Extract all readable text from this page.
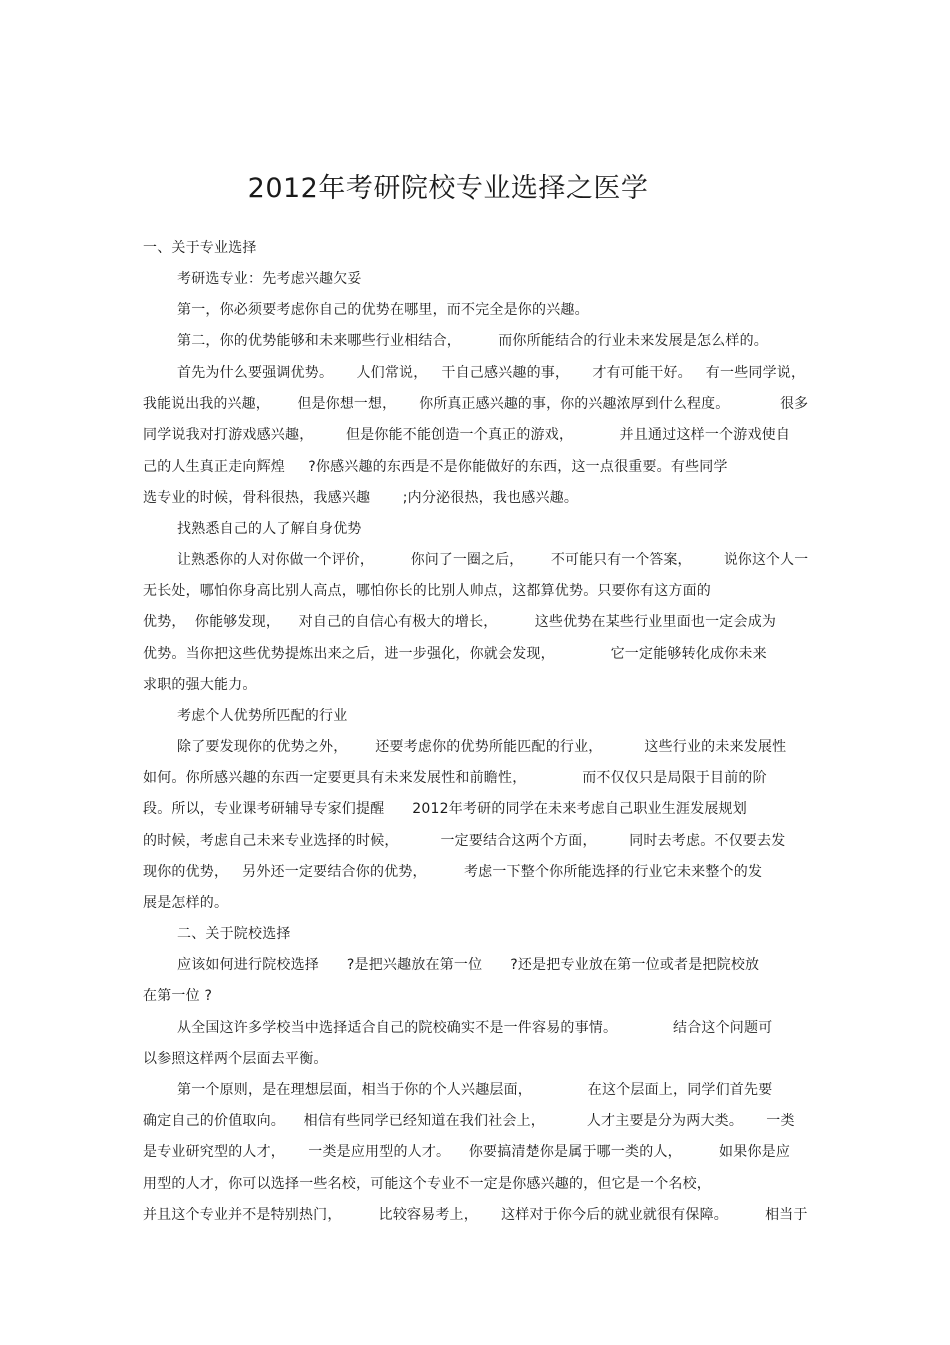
2012年考研院校专业选择之医学
一、关于专业选择
考研选专业：先考虑兴趣欠妥
第一，你必须要考虑你自己的优势在哪里，而不完全是你的兴趣。
第二，你的优势能够和未来哪些行业相结合，        而你所能结合的行业未来发展是怎么样的。
首先为什么要强调优势。     人们常说，   干自己感兴趣的事，     才有可能干好。   有一些同学说，
我能说出我的兴趣，      但是你想一想，     你所真正感兴趣的事，你的兴趣浓厚到什么程度。           很多
同学说我对打游戏感兴趣，       但是你能不能创造一个真正的游戏，          并且通过这样一个游戏使自
己的人生真正走向辉煌     ?你感兴趣的东西是不是你能做好的东西，这一点很重要。有些同学
选专业的时候，骨科很热，我感兴趣       ;内分泌很热，我也感兴趣。
找熟悉自己的人了解自身优势
让熟悉你的人对你做一个评价，        你问了一圈之后，      不可能只有一个答案，       说你这个人一
无长处，哪怕你身高比别人高点，哪怕你长的比别人帅点，这都算优势。只要你有这方面的
优势，  你能够发现，    对自己的自信心有极大的增长，        这些优势在某些行业里面也一定会成为
优势。当你把这些优势提炼出来之后，进一步强化，你就会发现，            它一定能够转化成你未来
求职的强大能力。
考虑个人优势所匹配的行业
除了要发现你的优势之外，      还要考虑你的优势所能匹配的行业，         这些行业的未来发展性
如何。你所感兴趣的东西一定要更具有未来发展性和前瞻性，            而不仅仅只是局限于目前的阶
段。所以，专业课考研辅导专家们提醒      2012年考研的同学在未来考虑自己职业生涯发展规划
的时候，考虑自己未来专业选择的时候，         一定要结合这两个方面，       同时去考虑。不仅要去发
现你的优势，   另外还一定要结合你的优势，        考虑一下整个你所能选择的行业它未来整个的发
展是怎样的。
二、关于院校选择
应该如何进行院校选择      ?是把兴趣放在第一位      ?还是把专业放在第一位或者是把院校放
在第一位 ?
从全国这许多学校当中选择适合自己的院校确实不是一件容易的事情。            结合这个问题可
以参照这样两个层面去平衡。
第一个原则，是在理想层面，相当于你的个人兴趣层面，            在这个层面上，同学们首先要
确定自己的价值取向。    相信有些同学已经知道在我们社会上，         人才主要是分为两大类。     一类
是专业研究型的人才，     一类是应用型的人才。    你要搞清楚你是属于哪一类的人，        如果你是应
用型的人才，你可以选择一些名校，可能这个专业不一定是你感兴趣的，但它是一个名校，
并且这个专业并不是特别热门，        比较容易考上，     这样对于你今后的就业就很有保障。        相当于
